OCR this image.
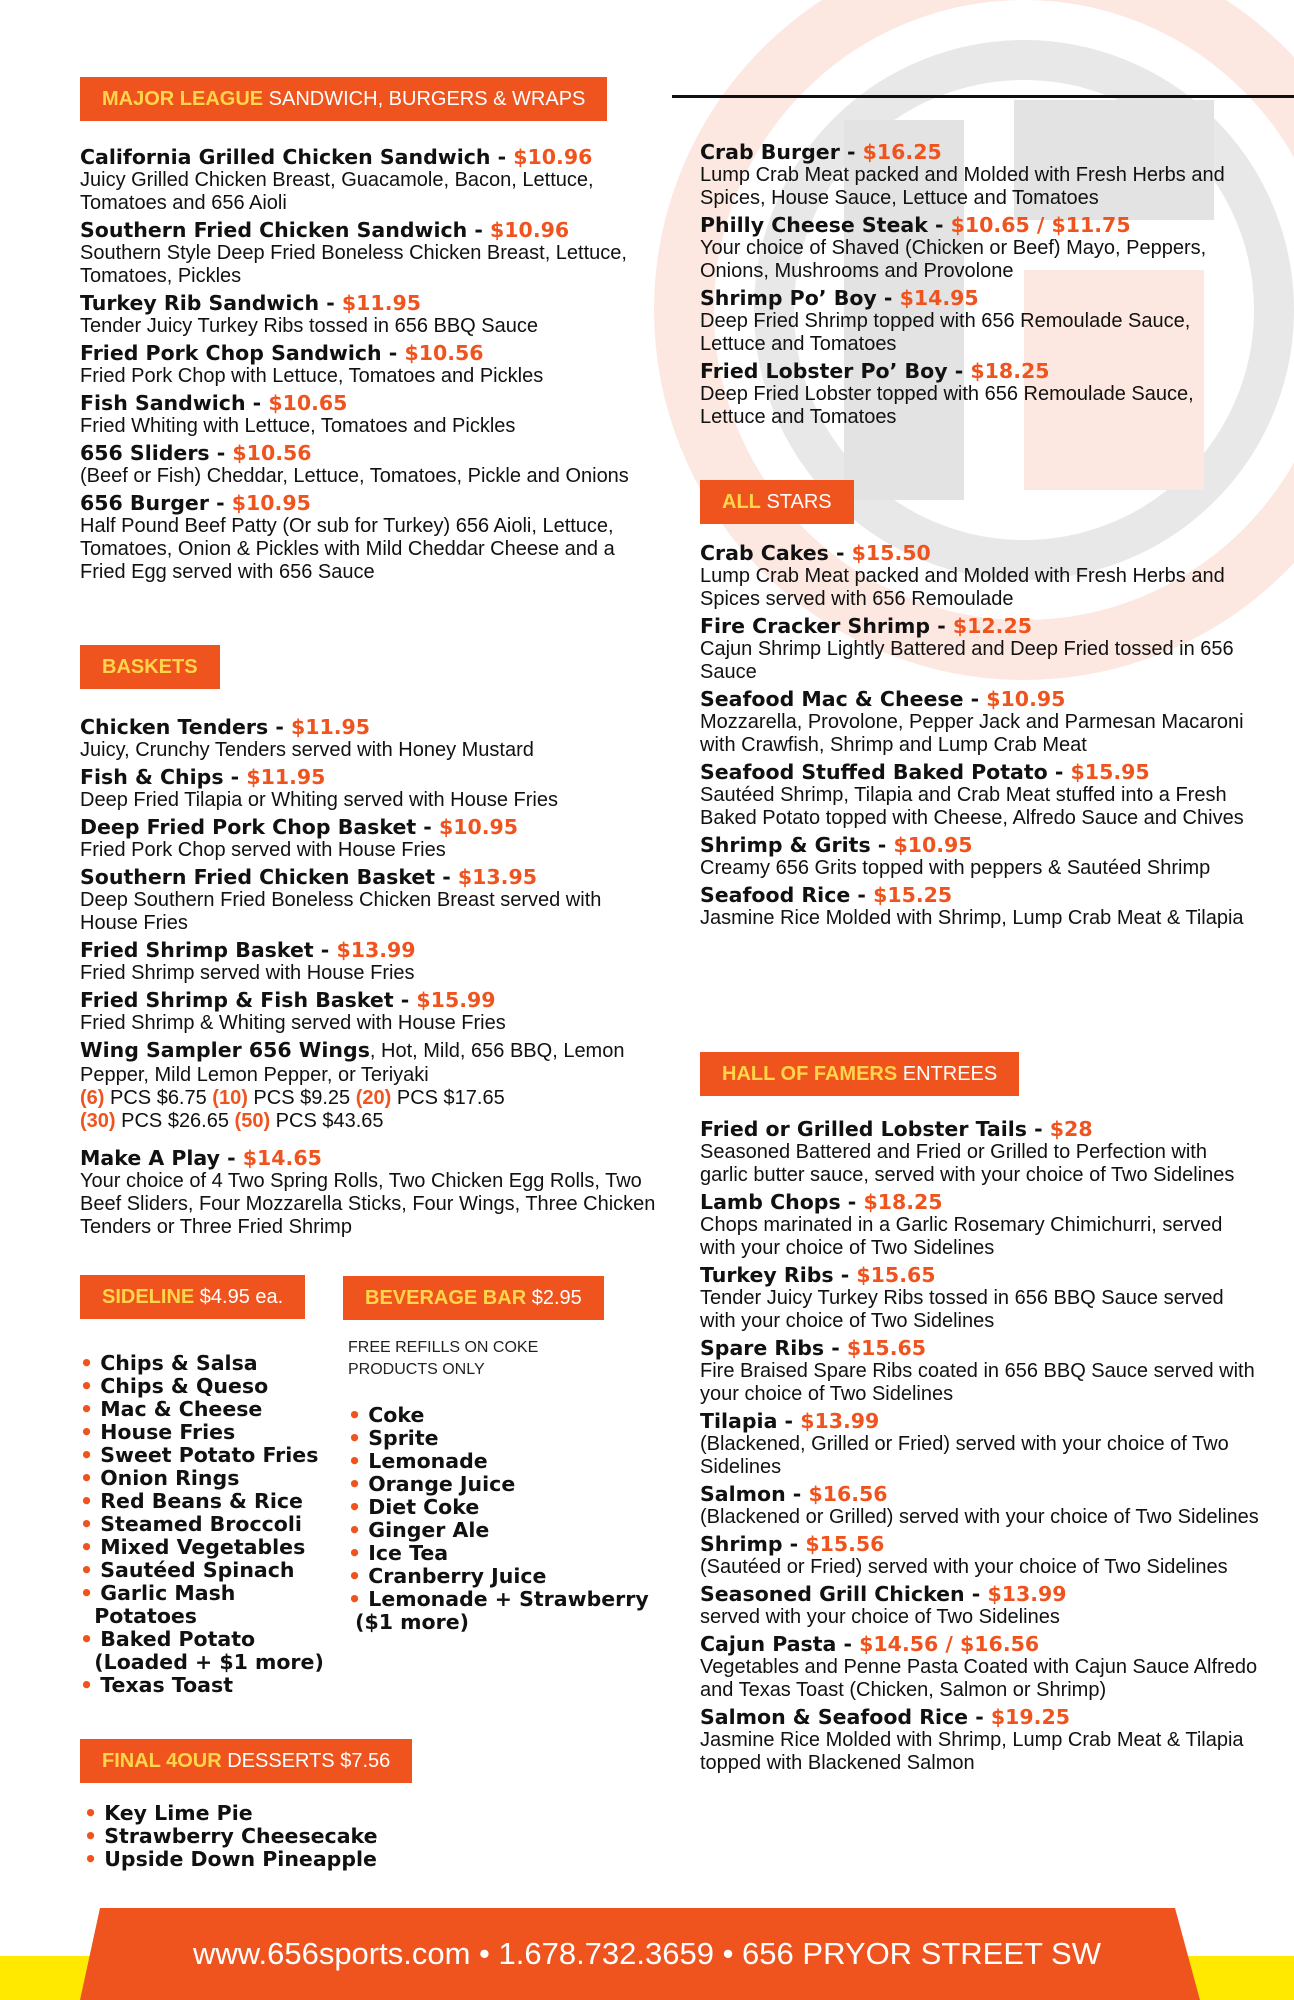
MAJOR LEAGUE SANDWICH, BURGERS & WRAPS
California Grilled Chicken Sandwich - $10.96
Juicy Grilled Chicken Breast, Guacamole, Bacon, Lettuce, Tomatoes and 656 Aioli
Southern Fried Chicken Sandwich - $10.96
Southern Style Deep Fried Boneless Chicken Breast, Lettuce, Tomatoes, Pickles
Turkey Rib Sandwich - $11.95
Tender Juicy Turkey Ribs tossed in 656 BBQ Sauce
Fried Pork Chop Sandwich - $10.56
Fried Pork Chop with Lettuce, Tomatoes and Pickles
Fish Sandwich - $10.65
Fried Whiting with Lettuce, Tomatoes and Pickles
656 Sliders - $10.56
(Beef or Fish) Cheddar, Lettuce, Tomatoes, Pickle and Onions
656 Burger - $10.95
Half Pound Beef Patty (Or sub for Turkey) 656 Aioli, Lettuce, Tomatoes, Onion & Pickles with Mild Cheddar Cheese and a Fried Egg served with 656 Sauce
Crab Burger - $16.25
Lump Crab Meat packed and Molded with Fresh Herbs and Spices, House Sauce, Lettuce and Tomatoes
Philly Cheese Steak - $10.65 / $11.75
Your choice of Shaved (Chicken or Beef) Mayo, Peppers, Onions, Mushrooms and Provolone
Shrimp Po’ Boy - $14.95
Deep Fried Shrimp topped with 656 Remoulade Sauce, Lettuce and Tomatoes
Fried Lobster Po’ Boy - $18.25
Deep Fried Lobster topped with 656 Remoulade Sauce, Lettuce and Tomatoes
BASKETS
Chicken Tenders - $11.95
Juicy, Crunchy Tenders served with Honey Mustard
Fish & Chips - $11.95
Deep Fried Tilapia or Whiting served with House Fries
Deep Fried Pork Chop Basket - $10.95
Fried Pork Chop served with House Fries
Southern Fried Chicken Basket - $13.95
Deep Southern Fried Boneless Chicken Breast served with House Fries
Fried Shrimp Basket - $13.99
Fried Shrimp served with House Fries
Fried Shrimp & Fish Basket - $15.99
Fried Shrimp & Whiting served with House Fries
Wing Sampler 656 Wings, Hot, Mild, 656 BBQ, Lemon Pepper, Mild Lemon Pepper, or Teriyaki
(6) PCS $6.75 (10) PCS $9.25 (20) PCS $17.65
(30) PCS $26.65 (50) PCS $43.65
Make A Play - $14.65
Your choice of 4 Two Spring Rolls, Two Chicken Egg Rolls, Two Beef Sliders, Four Mozzarella Sticks, Four Wings, Three Chicken Tenders or Three Fried Shrimp
SIDELINE $4.95 ea.
• Chips & Salsa
• Chips & Queso
• Mac & Cheese
• House Fries
• Sweet Potato Fries
• Onion Rings
• Red Beans & Rice
• Steamed Broccoli
• Mixed Vegetables
• Sautéed Spinach
• Garlic Mash
Potatoes
• Baked Potato
(Loaded + $1 more)
• Texas Toast
BEVERAGE BAR $2.95
FREE REFILLS ON COKE PRODUCTS ONLY
• Coke
• Sprite
• Lemonade
• Orange Juice
• Diet Coke
• Ginger Ale
• Ice Tea
• Cranberry Juice
• Lemonade + Strawberry
($1 more)
FINAL 4OUR DESSERTS $7.56
• Key Lime Pie
• Strawberry Cheesecake
• Upside Down Pineapple
ALL STARS
Crab Cakes - $15.50
Lump Crab Meat packed and Molded with Fresh Herbs and Spices served with 656 Remoulade
Fire Cracker Shrimp - $12.25
Cajun Shrimp Lightly Battered and Deep Fried tossed in 656 Sauce
Seafood Mac & Cheese - $10.95
Mozzarella, Provolone, Pepper Jack and Parmesan Macaroni with Crawfish, Shrimp and Lump Crab Meat
Seafood Stuffed Baked Potato - $15.95
Sautéed Shrimp, Tilapia and Crab Meat stuffed into a Fresh Baked Potato topped with Cheese, Alfredo Sauce and Chives
Shrimp & Grits - $10.95
Creamy 656 Grits topped with peppers & Sautéed Shrimp
Seafood Rice - $15.25
Jasmine Rice Molded with Shrimp, Lump Crab Meat & Tilapia
HALL OF FAMERS ENTREES
Fried or Grilled Lobster Tails - $28
Seasoned Battered and Fried or Grilled to Perfection with garlic butter sauce, served with your choice of Two Sidelines
Lamb Chops - $18.25
Chops marinated in a Garlic Rosemary Chimichurri, served with your choice of Two Sidelines
Turkey Ribs - $15.65
Tender Juicy Turkey Ribs tossed in 656 BBQ Sauce served with your choice of Two Sidelines
Spare Ribs - $15.65
Fire Braised Spare Ribs coated in 656 BBQ Sauce served with your choice of Two Sidelines
Tilapia - $13.99
(Blackened, Grilled or Fried) served with your choice of Two Sidelines
Salmon - $16.56
(Blackened or Grilled) served with your choice of Two Sidelines
Shrimp - $15.56
(Sautéed or Fried) served with your choice of Two Sidelines
Seasoned Grill Chicken - $13.99
served with your choice of Two Sidelines
Cajun Pasta - $14.56 / $16.56
Vegetables and Penne Pasta Coated with Cajun Sauce Alfredo and Texas Toast (Chicken, Salmon or Shrimp)
Salmon & Seafood Rice - $19.25
Jasmine Rice Molded with Shrimp, Lump Crab Meat & Tilapia topped with Blackened Salmon
www.656sports.com • 1.678.732.3659 • 656 PRYOR STREET SW
